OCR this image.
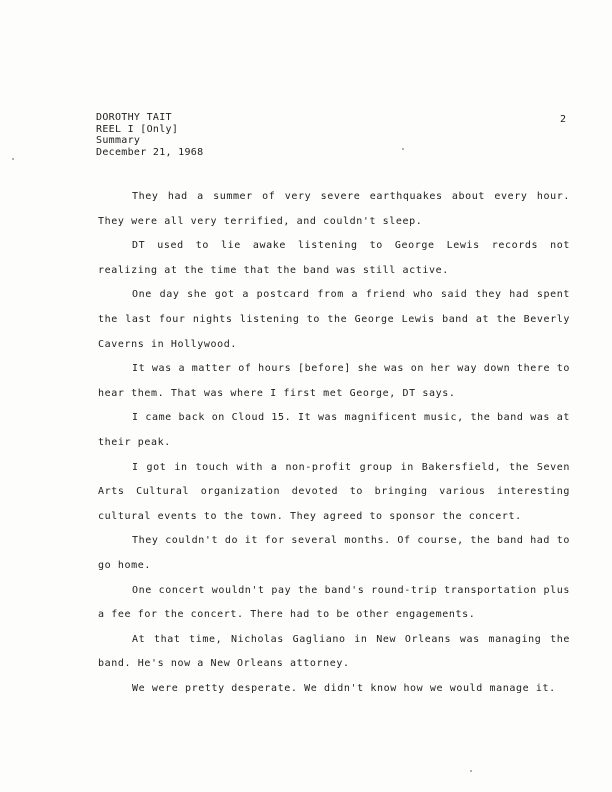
DOROTHY TAIT
REEL I [Only]
Summary
December 21, 1968
2

They had a summer of very severe earthquakes about every hour. They were all very terrified, and couldn't sleep.

DT used to lie awake listening to George Lewis records not realizing at the time that the band was still active.

One day she got a postcard from a friend who said they had spent the last four nights listening to the George Lewis band at the Beverly Caverns in Hollywood.

It was a matter of hours [before] she was on her way down there to hear them. That was where I first met George, DT says.

I came back on Cloud 15. It was magnificent music, the band was at their peak.

I got in touch with a non-profit group in Bakersfield, the Seven Arts Cultural organization devoted to bringing various interesting cultural events to the town. They agreed to sponsor the concert.

They couldn't do it for several months. Of course, the band had to go home.

One concert wouldn't pay the band's round-trip transportation plus a fee for the concert. There had to be other engagements.

At that time, Nicholas Gagliano in New Orleans was managing the band. He's now a New Orleans attorney.

We were pretty desperate. We didn't know how we would manage it.
